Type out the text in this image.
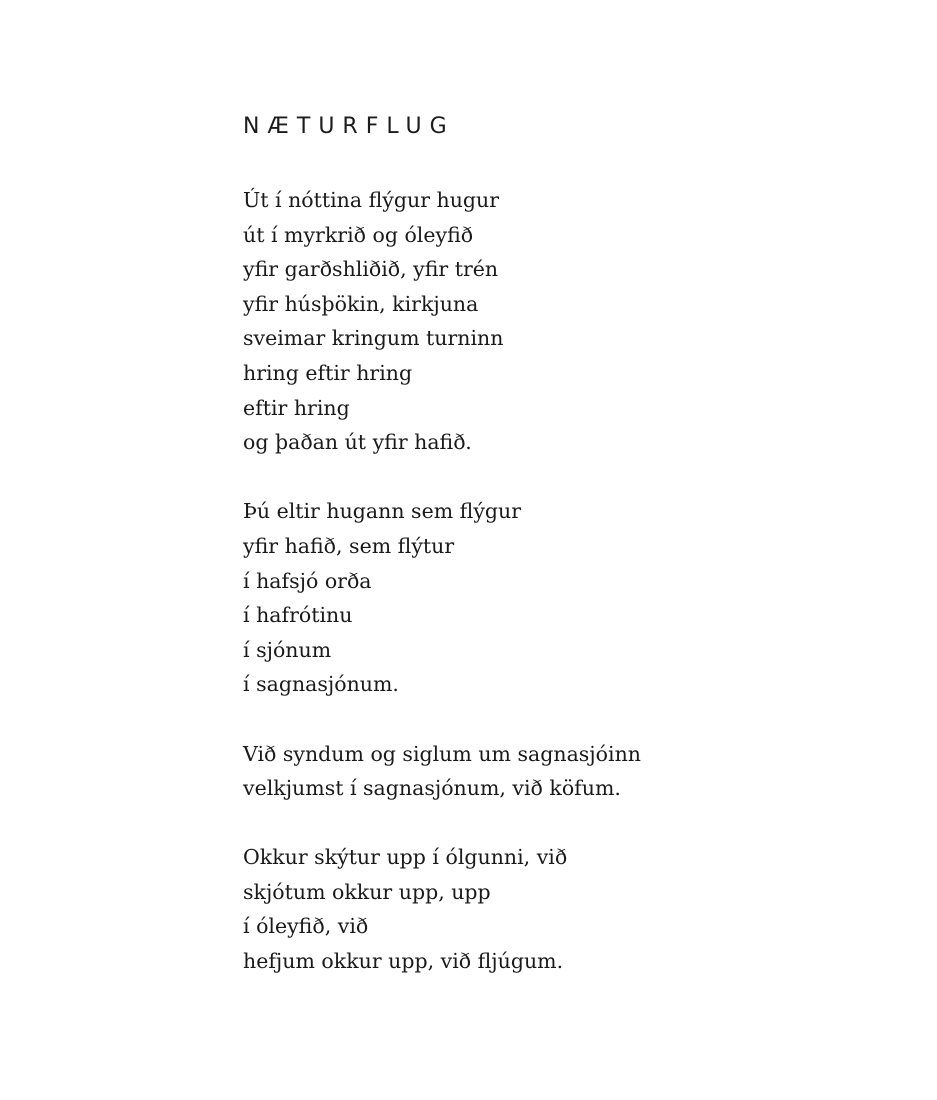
NÆTURFLUG
Út í nóttina flýgur hugur
út í myrkrið og óleyfið
yfir garðshliðið, yfir trén
yfir húsþökin, kirkjuna
sveimar kringum turninn
hring eftir hring
eftir hring
og þaðan út yfir hafið.
Þú eltir hugann sem flýgur
yfir hafið, sem flýtur
í hafsjó orða
í hafrótinu
í sjónum
í sagnasjónum.
Við syndum og siglum um sagnasjóinn
velkjumst í sagnasjónum, við köfum.
Okkur skýtur upp í ólgunni, við
skjótum okkur upp, upp
í óleyfið, við
hefjum okkur upp, við fljúgum.
